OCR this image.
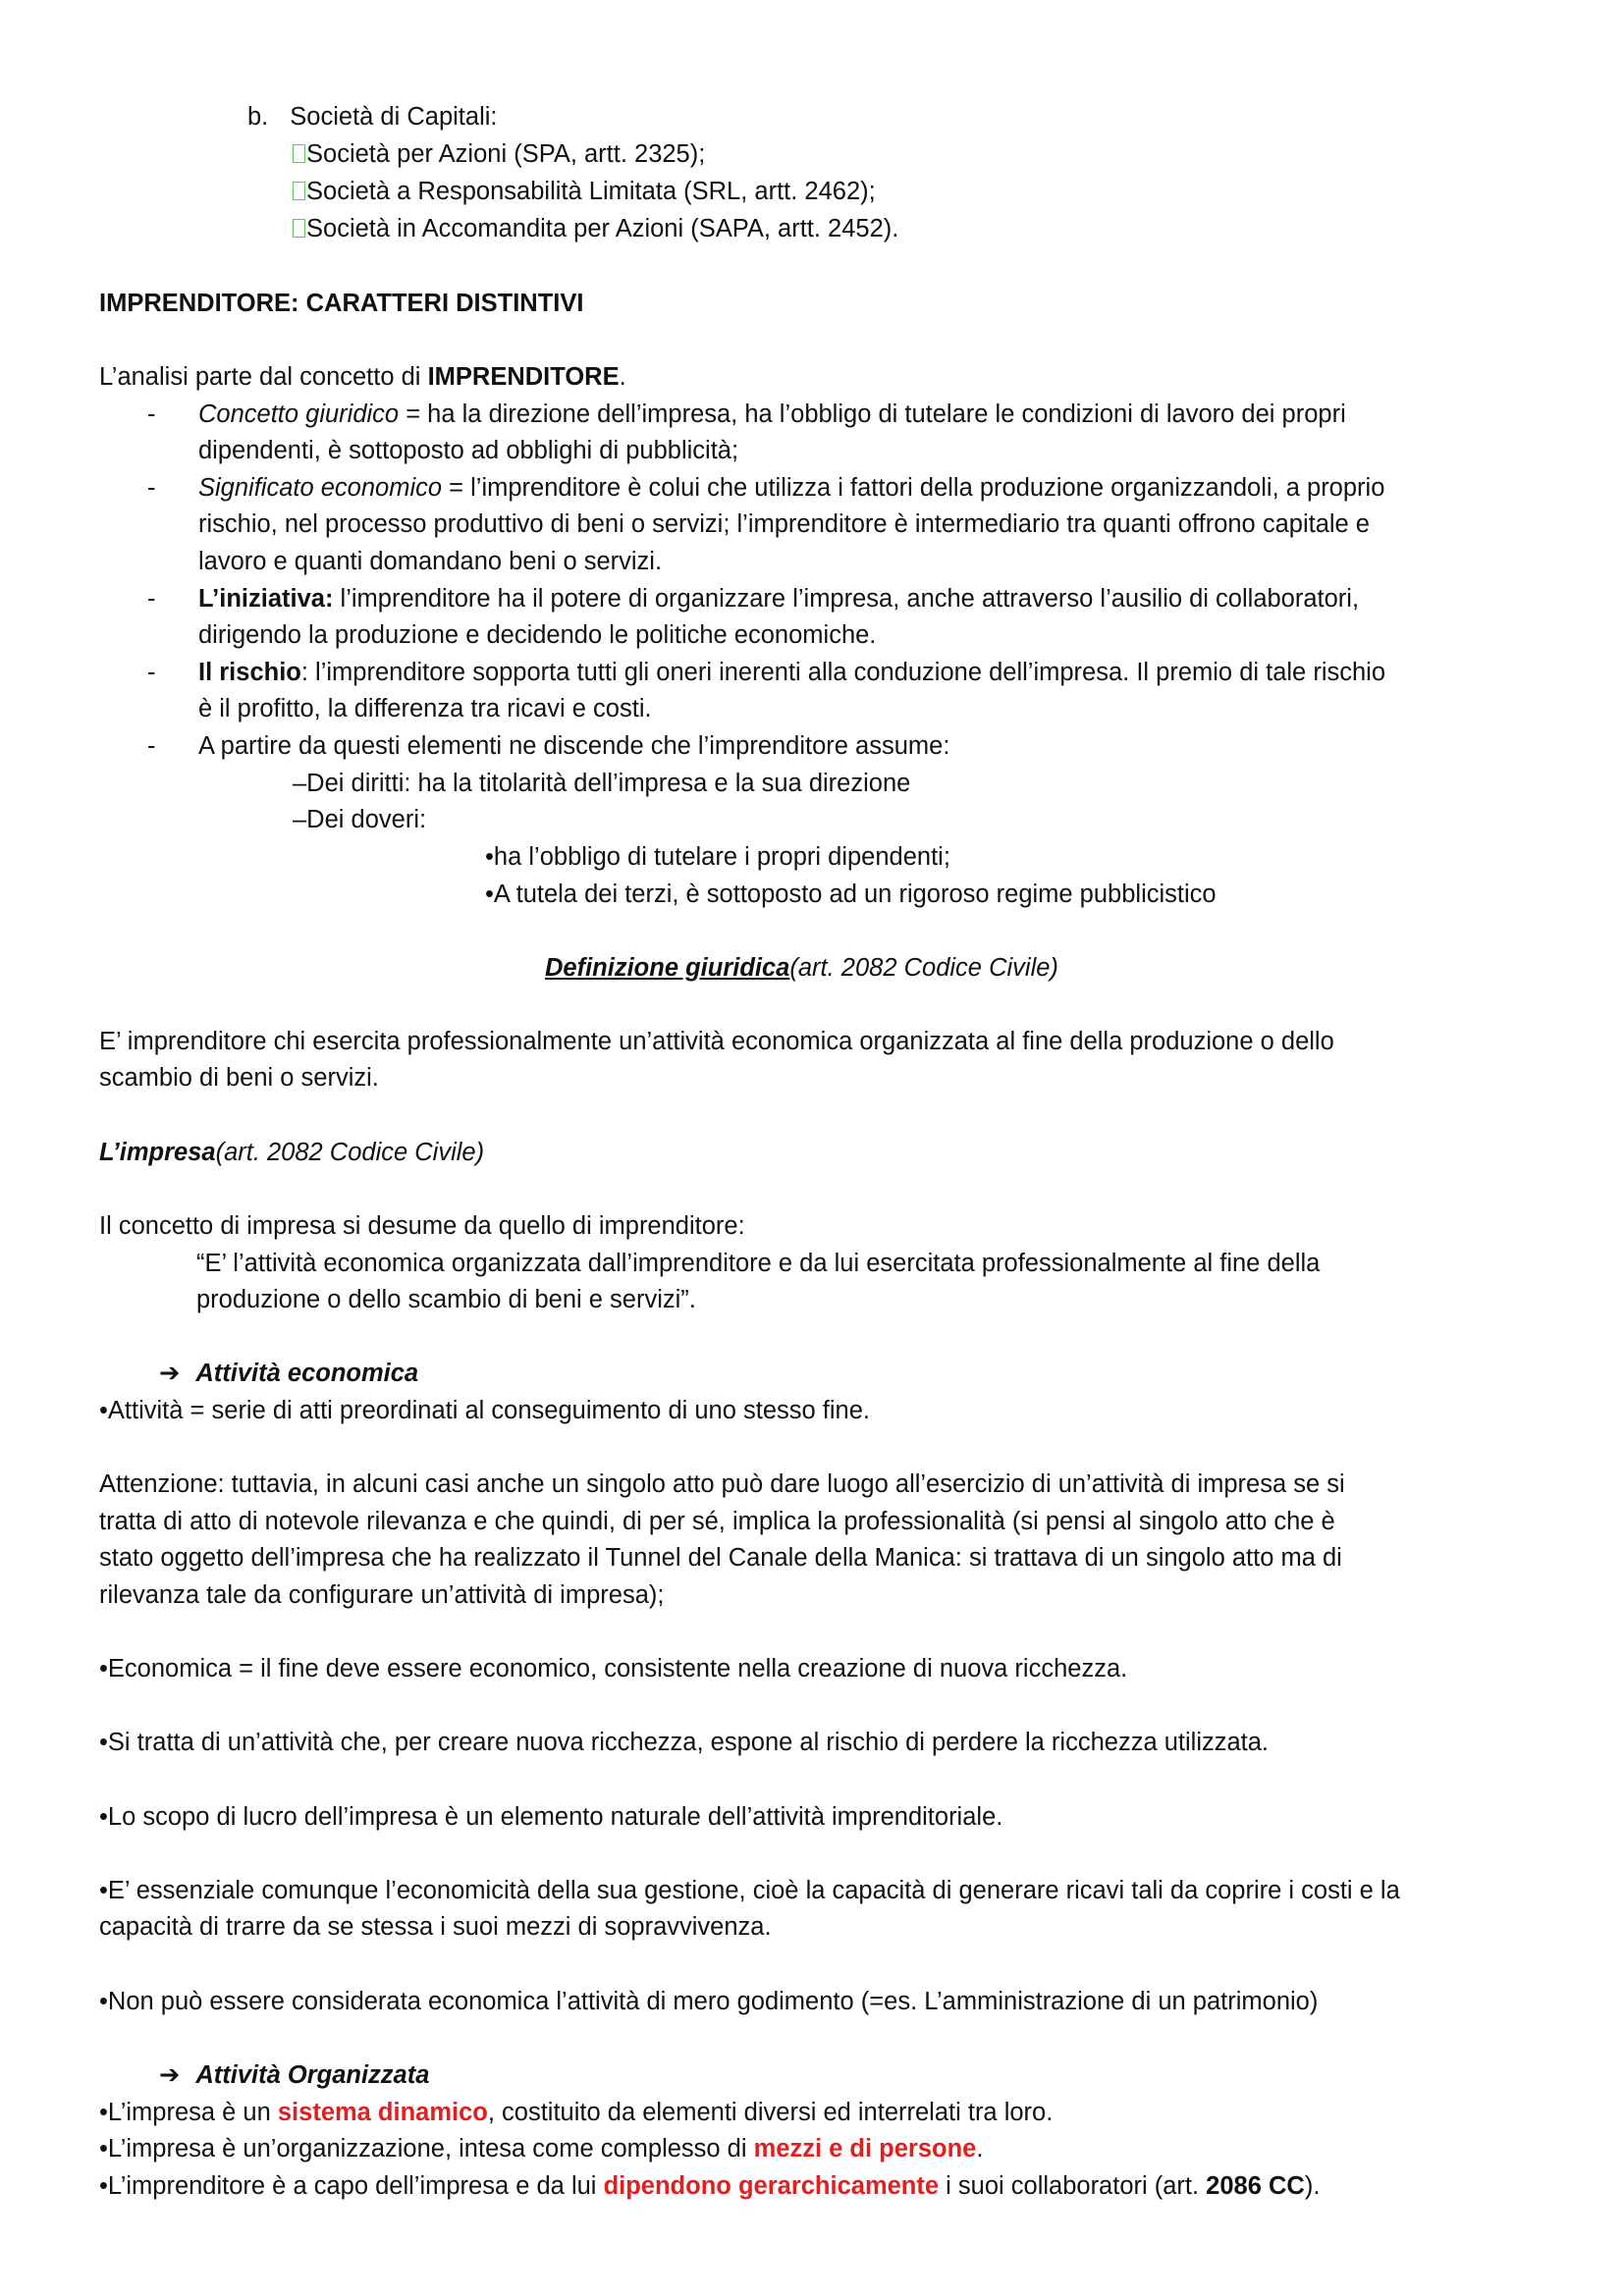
b. Società di Capitali:
Società per Azioni (SPA, artt. 2325);
Società a Responsabilità Limitata (SRL, artt. 2462);
Società in Accomandita per Azioni (SAPA, artt. 2452).
IMPRENDITORE: CARATTERI DISTINTIVI
L’analisi parte dal concetto di IMPRENDITORE.
- Concetto giuridico = ha la direzione dell’impresa, ha l’obbligo di tutelare le condizioni di lavoro dei propri
dipendenti, è sottoposto ad obblighi di pubblicità;
- Significato economico = l’imprenditore è colui che utilizza i fattori della produzione organizzandoli, a proprio
rischio, nel processo produttivo di beni o servizi; l’imprenditore è intermediario tra quanti offrono capitale e
lavoro e quanti domandano beni o servizi.
- L’iniziativa: l’imprenditore ha il potere di organizzare l’impresa, anche attraverso l’ausilio di collaboratori,
dirigendo la produzione e decidendo le politiche economiche.
- Il rischio: l’imprenditore sopporta tutti gli oneri inerenti alla conduzione dell’impresa. Il premio di tale rischio
è il profitto, la differenza tra ricavi e costi.
- A partire da questi elementi ne discende che l’imprenditore assume:
–Dei diritti: ha la titolarità dell’impresa e la sua direzione
–Dei doveri:
•ha l’obbligo di tutelare i propri dipendenti;
•A tutela dei terzi, è sottoposto ad un rigoroso regime pubblicistico
Definizione giuridica(art. 2082 Codice Civile)
E’ imprenditore chi esercita professionalmente un’attività economica organizzata al fine della produzione o dello
scambio di beni o servizi.
L’impresa(art. 2082 Codice Civile)
Il concetto di impresa si desume da quello di imprenditore:
“E’ l’attività economica organizzata dall’imprenditore e da lui esercitata professionalmente al fine della
produzione o dello scambio di beni e servizi”.
➔ Attività economica
•Attività = serie di atti preordinati al conseguimento di uno stesso fine.
Attenzione: tuttavia, in alcuni casi anche un singolo atto può dare luogo all’esercizio di un’attività di impresa se si
tratta di atto di notevole rilevanza e che quindi, di per sé, implica la professionalità (si pensi al singolo atto che è
stato oggetto dell’impresa che ha realizzato il Tunnel del Canale della Manica: si trattava di un singolo atto ma di
rilevanza tale da configurare un’attività di impresa);
•Economica = il fine deve essere economico, consistente nella creazione di nuova ricchezza.
•Si tratta di un’attività che, per creare nuova ricchezza, espone al rischio di perdere la ricchezza utilizzata.
•Lo scopo di lucro dell’impresa è un elemento naturale dell’attività imprenditoriale.
•E’ essenziale comunque l’economicità della sua gestione, cioè la capacità di generare ricavi tali da coprire i costi e la
capacità di trarre da se stessa i suoi mezzi di sopravvivenza.
•Non può essere considerata economica l’attività di mero godimento (=es. L’amministrazione di un patrimonio)
➔ Attività Organizzata
•L’impresa è un sistema dinamico, costituito da elementi diversi ed interrelati tra loro.
•L’impresa è un’organizzazione, intesa come complesso di mezzi e di persone.
•L’imprenditore è a capo dell’impresa e da lui dipendono gerarchicamente i suoi collaboratori (art. 2086 CC).
